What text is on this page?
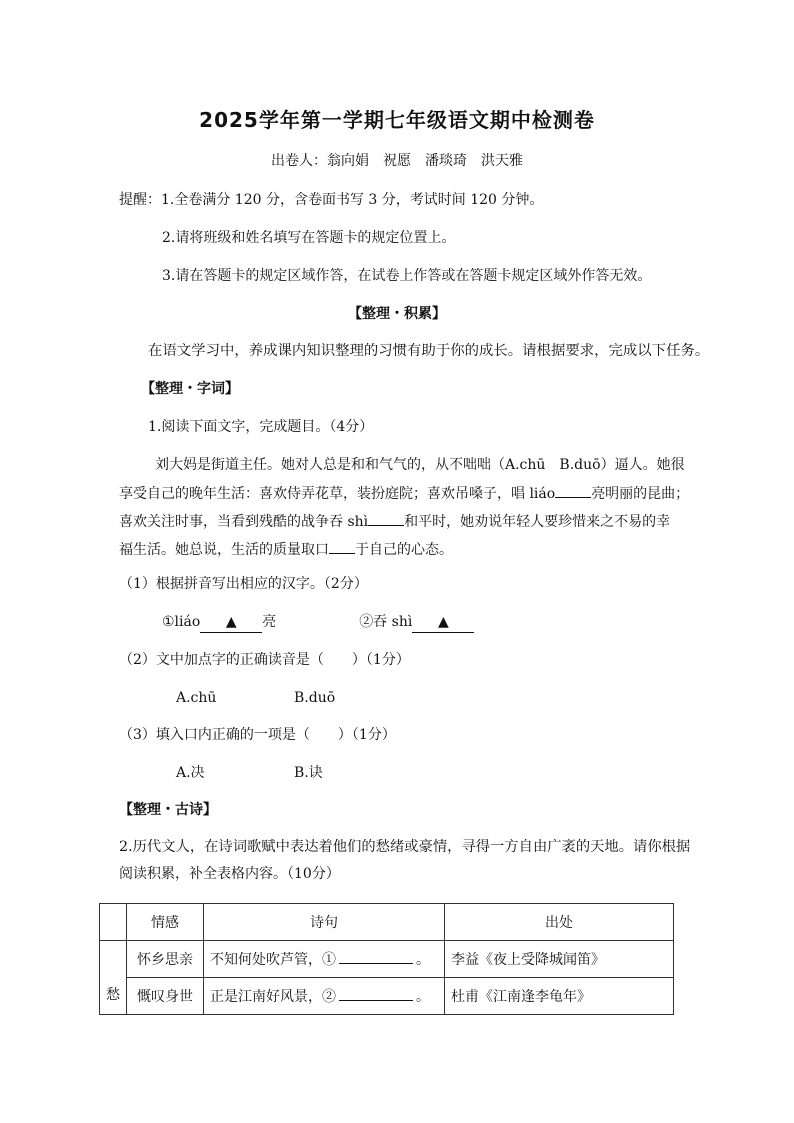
2025学年第一学期七年级语文期中检测卷
出卷人：翁向娟　祝愿　潘琰琦　洪天雅
提醒：1.全卷满分 120 分，含卷面书写 3 分，考试时间 120 分钟。
2.请将班级和姓名填写在答题卡的规定位置上。
3.请在答题卡的规定区域作答，在试卷上作答或在答题卡规定区域外作答无效。
【整理・积累】
在语文学习中，养成课内知识整理的习惯有助于你的成长。请根据要求，完成以下任务。
【整理・字词】
1.阅读下面文字，完成题目。（4分）
刘大妈是街道主任。她对人总是和和气气的，从不咄咄（A.chū　B.duō）逼人。她很
享受自己的晚年生活：喜欢侍弄花草，装扮庭院；喜欢吊嗓子，唱 liáo	亮明丽的昆曲；
喜欢关注时事，当看到残酷的战争吞 shì	和平时，她劝说年轻人要珍惜来之不易的幸
福生活。她总说，生活的质量取口 于自己的心态。
（1）根据拼音写出相应的汉字。（2分）
①liáo ▲ 亮	②吞 shì ▲
（2）文中加点字的正确读音是（　　）（1分）
A.chū	B.duō
（3）填入口内正确的一项是（　　）（1分）
A.决	B.诀
【整理・古诗】
2.历代文人，在诗词歌赋中表达着他们的愁绪或豪情，寻得一方自由广袤的天地。请你根据
阅读积累，补全表格内容。（10分）
	情感	诗句	出处
愁	怀乡思亲	不知何处吹芦管，① 。	李益《夜上受降城闻笛》
	慨叹身世	正是江南好风景，② 。	杜甫《江南逢李龟年》
